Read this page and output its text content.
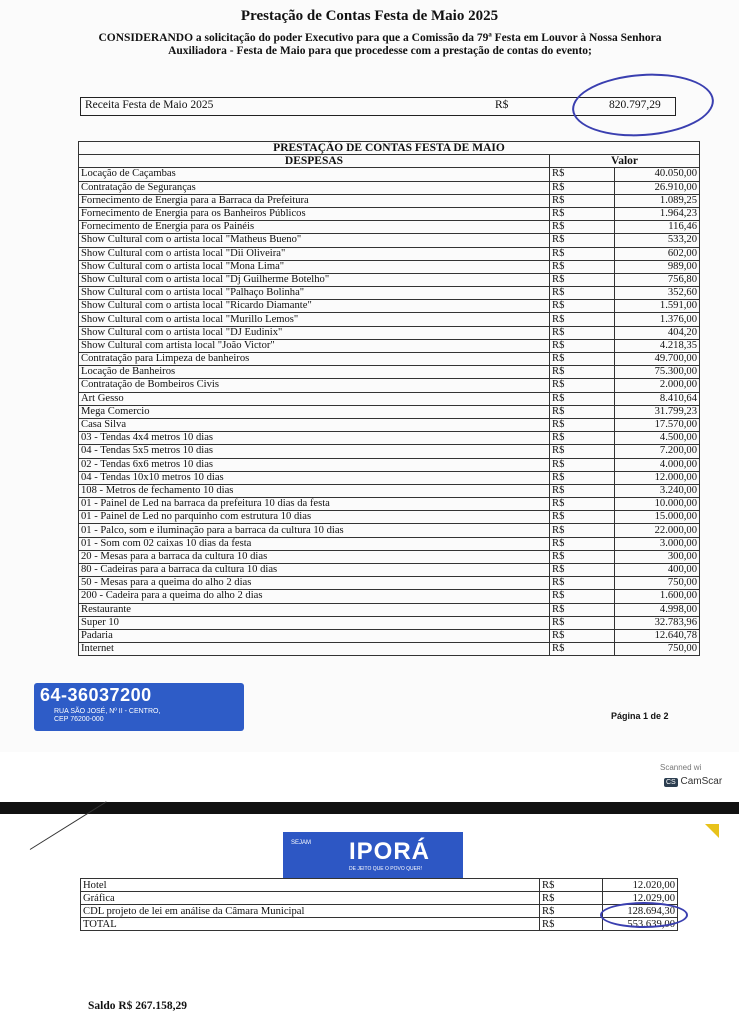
Prestação de Contas Festa de Maio 2025
CONSIDERANDO a solicitação do poder Executivo para que a Comissão da 79ª Festa em Louvor à Nossa Senhora Auxiliadora - Festa de Maio para que procedesse com a prestação de contas do evento;
Receita Festa de Maio 2025	R$	820.797,29
PRESTAÇÃO DE CONTAS FESTA DE MAIO		
DESPESAS	Valor	
Locação de Caçambas	R$	40.050,00
Contratação de Seguranças	R$	26.910,00
Fornecimento de Energia para a Barraca da Prefeitura	R$	1.089,25
Fornecimento de Energia para os Banheiros Públicos	R$	1.964,23
Fornecimento de Energia para os Painéis	R$	116,46
Show Cultural com o artista local "Matheus Bueno"	R$	533,20
Show Cultural com o artista local "Dii Oliveira"	R$	602,00
Show Cultural com o artista local "Mona Lima"	R$	989,00
Show Cultural com o artista local "Dj Guilherme Botelho"	R$	756,80
Show Cultural com o artista local "Palhaço Bolinha"	R$	352,60
Show Cultural com o artista local "Ricardo Diamante"	R$	1.591,00
Show Cultural com o artista local "Murillo Lemos"	R$	1.376,00
Show Cultural com o artista local "DJ Eudinix"	R$	404,20
Show Cultural com artista local "João Victor"	R$	4.218,35
Contratação para Limpeza de banheiros	R$	49.700,00
Locação de Banheiros	R$	75.300,00
Contratação de Bombeiros Civis	R$	2.000,00
Art Gesso	R$	8.410,64
Mega Comercio	R$	31.799,23
Casa Silva	R$	17.570,00
03 - Tendas 4x4 metros 10 dias	R$	4.500,00
04 - Tendas 5x5 metros 10 dias	R$	7.200,00
02 - Tendas 6x6 metros 10 dias	R$	4.000,00
04 - Tendas 10x10 metros 10 dias	R$	12.000,00
108 - Metros de fechamento 10 dias	R$	3.240,00
01 - Painel de Led na barraca da prefeitura 10 dias da festa	R$	10.000,00
01 - Painel de Led no parquinho com estrutura 10 dias	R$	15.000,00
01 - Palco, som e iluminação para a barraca da cultura 10 dias	R$	22.000,00
01 - Som com 02 caixas 10 dias da festa	R$	3.000,00
20 - Mesas para a barraca da cultura 10 dias	R$	300,00
80 - Cadeiras para a barraca da cultura 10 dias	R$	400,00
50 - Mesas para a queima do alho 2 dias	R$	750,00
200 - Cadeira para a queima do alho 2 dias	R$	1.600,00
Restaurante	R$	4.998,00
Super 10	R$	32.783,96
Padaria	R$	12.640,78
Internet	R$	750,00
64-36037200
RUA SÃO JOSÉ, Nº II - CENTRO,
CEP 76200-000	Página 1 de 2
Scanned wi
CS CamScar
SEJAM IPORÁ
DE JEITO QUE O POVO QUER!
Hotel	R$	12.020,00
Gráfica	R$	12.029,00
CDL projeto de lei em análise da Câmara Municipal	R$	128.694,30
TOTAL	R$	553.639,00
Saldo R$ 267.158,29
